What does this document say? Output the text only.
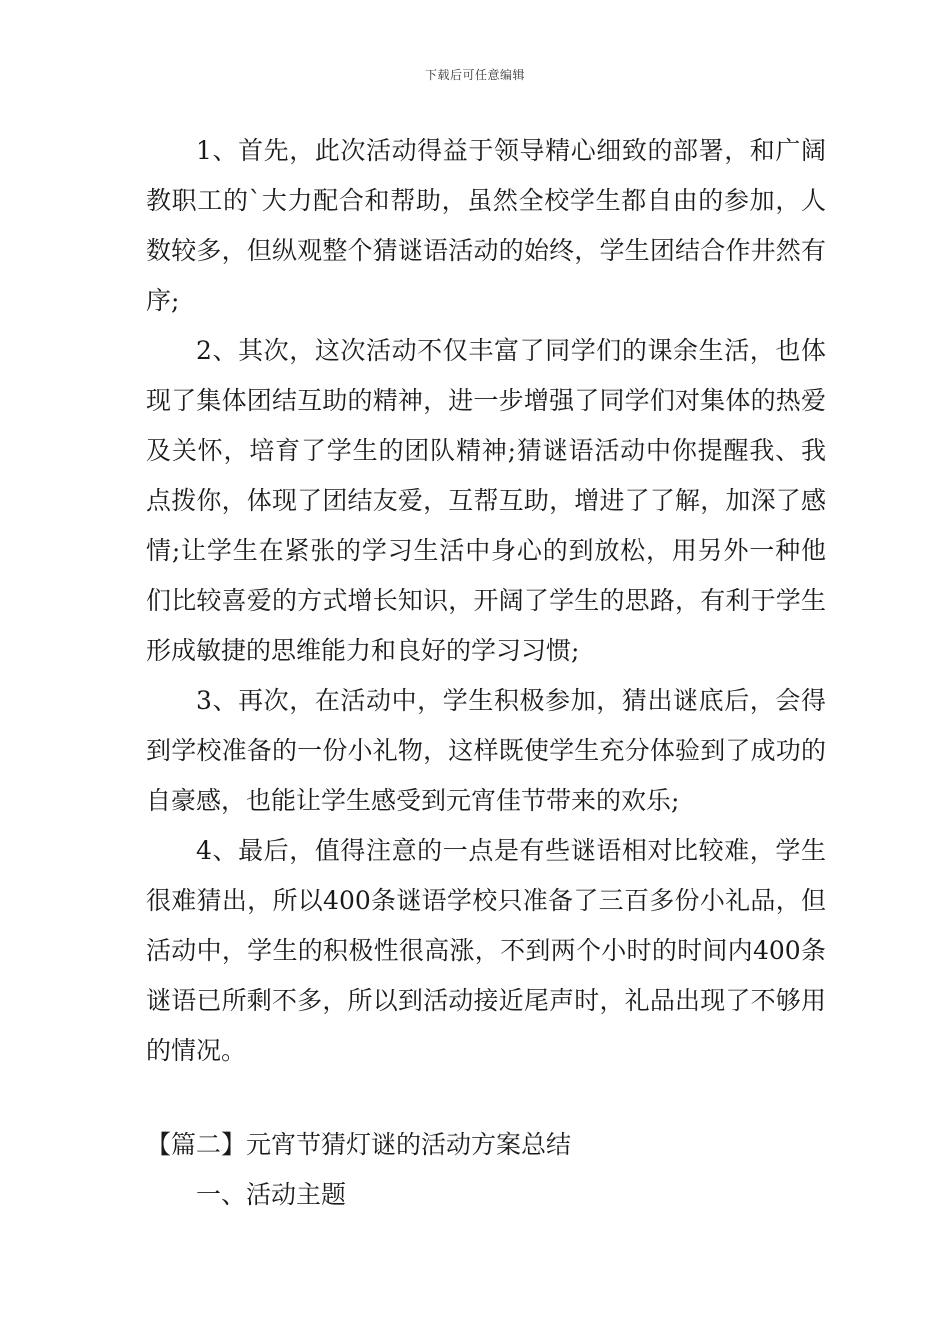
下载后可任意编辑

1、首先，此次活动得益于领导精心细致的部署，和广阔教职工的`大力配合和帮助，虽然全校学生都自由的参加，人数较多，但纵观整个猜谜语活动的始终，学生团结合作井然有序;

2、其次，这次活动不仅丰富了同学们的课余生活，也体现了集体团结互助的精神，进一步增强了同学们对集体的热爱及关怀，培育了学生的团队精神;猜谜语活动中你提醒我、我点拨你，体现了团结友爱，互帮互助，增进了了解，加深了感情;让学生在紧张的学习生活中身心的到放松，用另外一种他们比较喜爱的方式增长知识，开阔了学生的思路，有利于学生形成敏捷的思维能力和良好的学习习惯;

3、再次，在活动中，学生积极参加，猜出谜底后，会得到学校准备的一份小礼物，这样既使学生充分体验到了成功的自豪感，也能让学生感受到元宵佳节带来的欢乐;

4、最后，值得注意的一点是有些谜语相对比较难，学生很难猜出，所以400条谜语学校只准备了三百多份小礼品，但活动中，学生的积极性很高涨，不到两个小时的时间内400条谜语已所剩不多，所以到活动接近尾声时，礼品出现了不够用的情况。

【篇二】元宵节猜灯谜的活动方案总结

一、活动主题
